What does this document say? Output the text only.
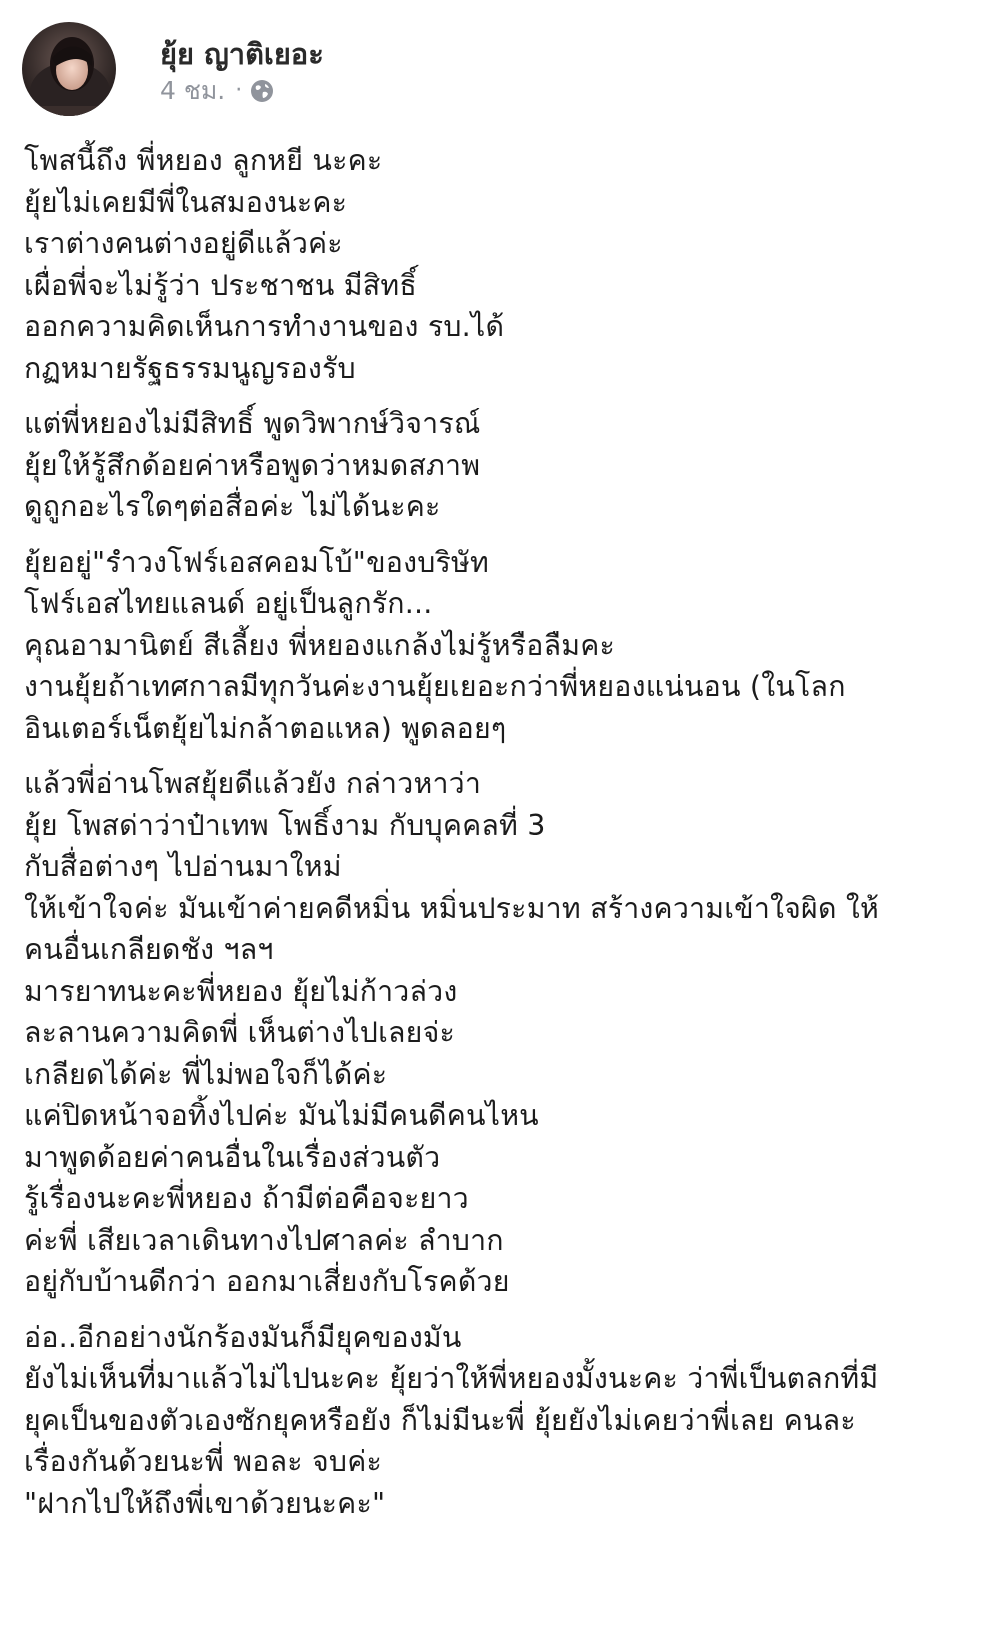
ยุ้ย ญาติเยอะ
4 ชม. ·
โพสนี้ถึง พี่หยอง ลูกหยี นะคะ
ยุ้ยไม่เคยมีพี่ในสมองนะคะ
เราต่างคนต่างอยู่ดีแล้วค่ะ
เผื่อพี่จะไม่รู้ว่า ประชาชน มีสิทธิ์
ออกความคิดเห็นการทำงานของ รบ.ได้
กฏหมายรัฐธรรมนูญรองรับ
แต่พี่หยองไม่มีสิทธิ์ พูดวิพากษ์วิจารณ์
ยุ้ยให้รู้สึกด้อยค่าหรือพูดว่าหมดสภาพ
ดูถูกอะไรใดๆต่อสื่อค่ะ ไม่ได้นะคะ
ยุ้ยอยู่"รำวงโฟร์เอสคอมโบ้"ของบริษัท
โฟร์เอสไทยแลนด์ อยู่เป็นลูกรัก...
คุณอามานิตย์ สีเลี้ยง พี่หยองแกล้งไม่รู้หรือลืมคะ
งานยุ้ยถ้าเทศกาลมีทุกวันค่ะงานยุ้ยเยอะกว่าพี่หยองแน่นอน (ในโลก
อินเตอร์เน็ตยุ้ยไม่กล้าตอแหล) พูดลอยๆ
แล้วพี่อ่านโพสยุ้ยดีแล้วยัง กล่าวหาว่า
ยุ้ย โพสด่าว่าป๋าเทพ โพธิ์งาม กับบุคคลที่ 3
กับสื่อต่างๆ ไปอ่านมาใหม่
ให้เข้าใจค่ะ มันเข้าค่ายคดีหมิ่น หมิ่นประมาท สร้างความเข้าใจผิด ให้
คนอื่นเกลียดชัง ฯลฯ
มารยาทนะคะพี่หยอง ยุ้ยไม่ก้าวล่วง
ละลานความคิดพี่ เห็นต่างไปเลยจ่ะ
เกลียดได้ค่ะ พี่ไม่พอใจก็ได้ค่ะ
แค่ปิดหน้าจอทิ้งไปค่ะ มันไม่มีคนดีคนไหน
มาพูดด้อยค่าคนอื่นในเรื่องส่วนตัว
รู้เรื่องนะคะพี่หยอง ถ้ามีต่อคือจะยาว
ค่ะพี่ เสียเวลาเดินทางไปศาลค่ะ ลำบาก
อยู่กับบ้านดีกว่า ออกมาเสี่ยงกับโรคด้วย
อ่อ..อีกอย่างนักร้องมันก็มียุคของมัน
ยังไม่เห็นที่มาแล้วไม่ไปนะคะ ยุ้ยว่าให้พี่หยองมั้งนะคะ ว่าพี่เป็นตลกที่มี
ยุคเป็นของตัวเองซักยุคหรือยัง ก็ไม่มีนะพี่ ยุ้ยยังไม่เคยว่าพี่เลย คนละ
เรื่องกันด้วยนะพี่ พอละ จบค่ะ
"ฝากไปให้ถึงพี่เขาด้วยนะคะ"
